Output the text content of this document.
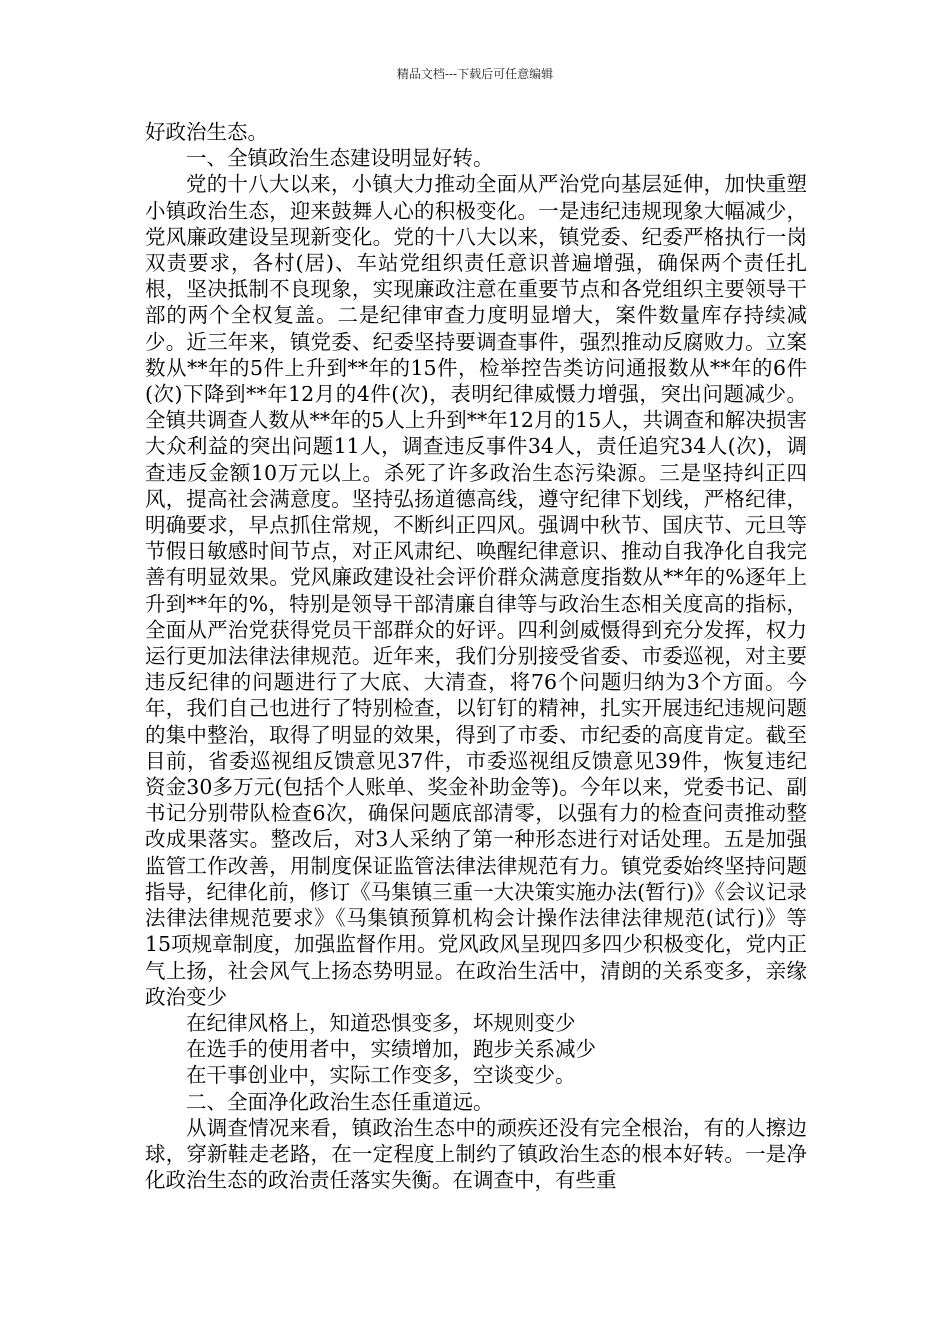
精品文档---下载后可任意编辑

好政治生态。

一、全镇政治生态建设明显好转。

党的十八大以来，小镇大力推动全面从严治党向基层延伸，加快重塑小镇政治生态，迎来鼓舞人心的积极变化。一是违纪违规现象大幅减少，党风廉政建设呈现新变化。党的十八大以来，镇党委、纪委严格执行一岗双责要求，各村(居)、车站党组织责任意识普遍增强，确保两个责任扎根，坚决抵制不良现象，实现廉政注意在重要节点和各党组织主要领导干部的两个全权复盖。二是纪律审查力度明显增大，案件数量库存持续减少。近三年来，镇党委、纪委坚持要调查事件，强烈推动反腐败力。立案数从**年的5件上升到**年的15件，检举控告类访问通报数从**年的6件(次)下降到**年12月的4件(次)，表明纪律威慑力增强，突出问题减少。全镇共调查人数从**年的5人上升到**年12月的15人，共调查和解决损害大众利益的突出问题11人，调查违反事件34人，责任追究34人(次)，调查违反金额10万元以上。杀死了许多政治生态污染源。三是坚持纠正四风，提高社会满意度。坚持弘扬道德高线，遵守纪律下划线，严格纪律，明确要求，早点抓住常规，不断纠正四风。强调中秋节、国庆节、元旦等节假日敏感时间节点，对正风肃纪、唤醒纪律意识、推动自我净化自我完善有明显效果。党风廉政建设社会评价群众满意度指数从**年的%逐年上升到**年的%，特别是领导干部清廉自律等与政治生态相关度高的指标，全面从严治党获得党员干部群众的好评。四利剑威慑得到充分发挥，权力运行更加法律法律规范。近年来，我们分别接受省委、市委巡视，对主要违反纪律的问题进行了大底、大清查，将76个问题归纳为3个方面。今年，我们自己也进行了特别检查，以钉钉的精神，扎实开展违纪违规问题的集中整治，取得了明显的效果，得到了市委、市纪委的高度肯定。截至目前，省委巡视组反馈意见37件，市委巡视组反馈意见39件，恢复违纪资金30多万元(包括个人账单、奖金补助金等)。今年以来，党委书记、副书记分别带队检查6次，确保问题底部清零，以强有力的检查问责推动整改成果落实。整改后，对3人采纳了第一种形态进行对话处理。五是加强监管工作改善，用制度保证监管法律法律规范有力。镇党委始终坚持问题指导，纪律化前，修订《马集镇三重一大决策实施办法(暂行)》《会议记录法律法律规范要求》《马集镇预算机构会计操作法律法律规范(试行)》等15项规章制度，加强监督作用。党风政风呈现四多四少积极变化，党内正气上扬，社会风气上扬态势明显。在政治生活中，清朗的关系变多，亲缘政治变少

在纪律风格上，知道恐惧变多，坏规则变少

在选手的使用者中，实绩增加，跑步关系减少

在干事创业中，实际工作变多，空谈变少。

二、全面净化政治生态任重道远。

从调查情况来看，镇政治生态中的顽疾还没有完全根治，有的人擦边球，穿新鞋走老路，在一定程度上制约了镇政治生态的根本好转。一是净化政治生态的政治责任落实失衡。在调查中，有些重
